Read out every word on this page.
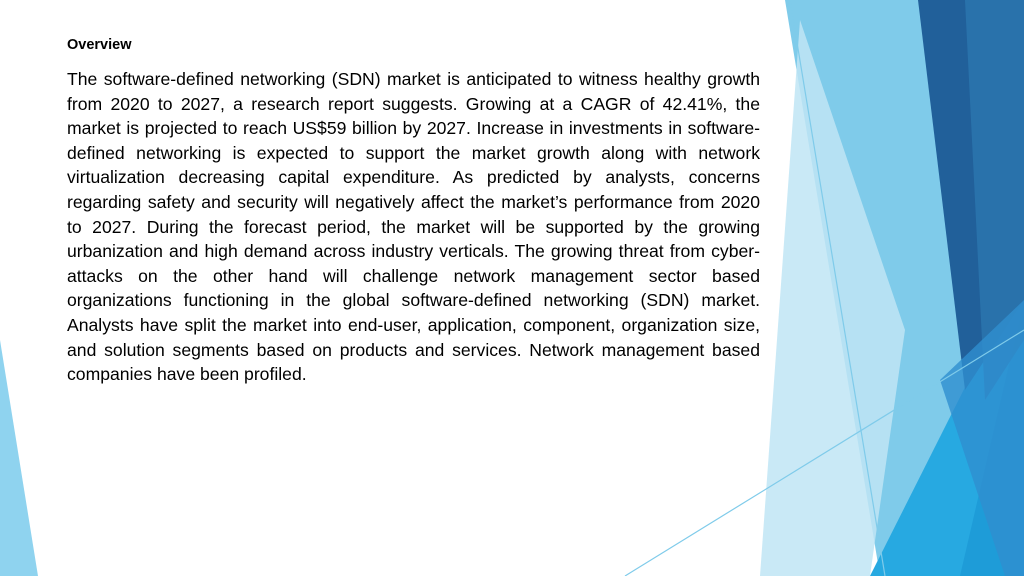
Overview

The software-defined networking (SDN) market is anticipated to witness healthy growth from 2020 to 2027, a research report suggests. Growing at a CAGR of 42.41%, the market is projected to reach US$59 billion by 2027. Increase in investments in software-defined networking is expected to support the market growth along with network virtualization decreasing capital expenditure. As predicted by analysts, concerns regarding safety and security will negatively affect the market’s performance from 2020 to 2027. During the forecast period, the market will be supported by the growing urbanization and high demand across industry verticals. The growing threat from cyber-attacks on the other hand will challenge network management sector based organizations functioning in the global software-defined networking (SDN) market. Analysts have split the market into end-user, application, component, organization size, and solution segments based on products and services. Network management based companies have been profiled.
